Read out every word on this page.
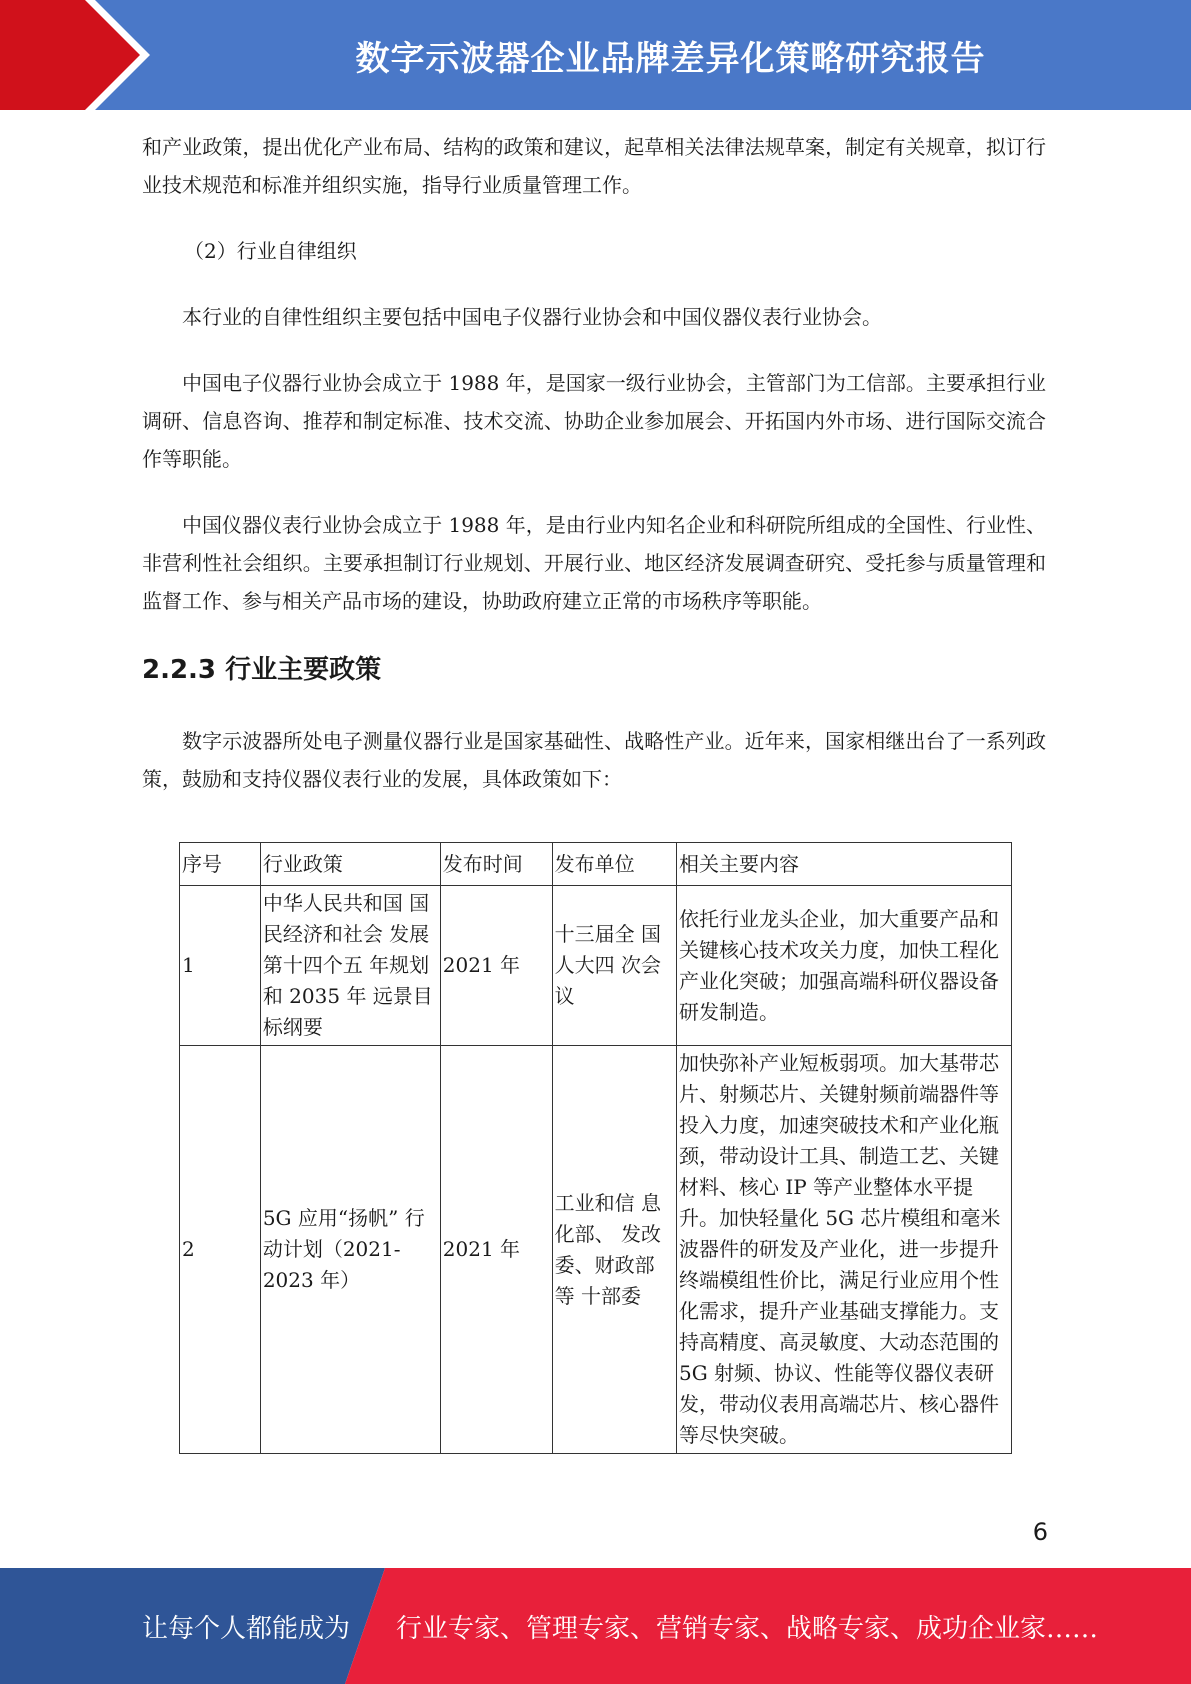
数字示波器企业品牌差异化策略研究报告

和产业政策，提出优化产业布局、结构的政策和建议，起草相关法律法规草案，制定有关规章，拟订行业技术规范和标准并组织实施，指导行业质量管理工作。

（2）行业自律组织

本行业的自律性组织主要包括中国电子仪器行业协会和中国仪器仪表行业协会。

中国电子仪器行业协会成立于 1988 年，是国家一级行业协会，主管部门为工信部。主要承担行业调研、信息咨询、推荐和制定标准、技术交流、协助企业参加展会、开拓国内外市场、进行国际交流合作等职能。

中国仪器仪表行业协会成立于 1988 年，是由行业内知名企业和科研院所组成的全国性、行业性、非营利性社会组织。主要承担制订行业规划、开展行业、地区经济发展调查研究、受托参与质量管理和监督工作、参与相关产品市场的建设，协助政府建立正常的市场秩序等职能。

2.2.3 行业主要政策

数字示波器所处电子测量仪器行业是国家基础性、战略性产业。近年来，国家相继出台了一系列政策，鼓励和支持仪器仪表行业的发展，具体政策如下：

序号	行业政策	发布时间	发布单位	相关主要内容
1	中华人民共和国 国民经济和社会 发展第十四个五 年规划和 2035 年 远景目标纲要	2021 年	十三届全 国人大四 次会议	依托行业龙头企业，加大重要产品和关键核心技术攻关力度，加快工程化产业化突破；加强高端科研仪器设备研发制造。
2	5G 应用“扬帆” 行动计划（2021-2023 年）	2021 年	工业和信 息化部、 发改委、财政部等 十部委	加快弥补产业短板弱项。加大基带芯片、射频芯片、关键射频前端器件等投入力度，加速突破技术和产业化瓶颈，带动设计工具、制造工艺、关键材料、核心 IP 等产业整体水平提升。加快轻量化 5G 芯片模组和毫米波器件的研发及产业化，进一步提升终端模组性价比，满足行业应用个性化需求，提升产业基础支撑能力。支持高精度、高灵敏度、大动态范围的 5G 射频、协议、性能等仪器仪表研发，带动仪表用高端芯片、核心器件等尽快突破。
6
让每个人都能成为 行业专家、管理专家、营销专家、战略专家、成功企业家……
